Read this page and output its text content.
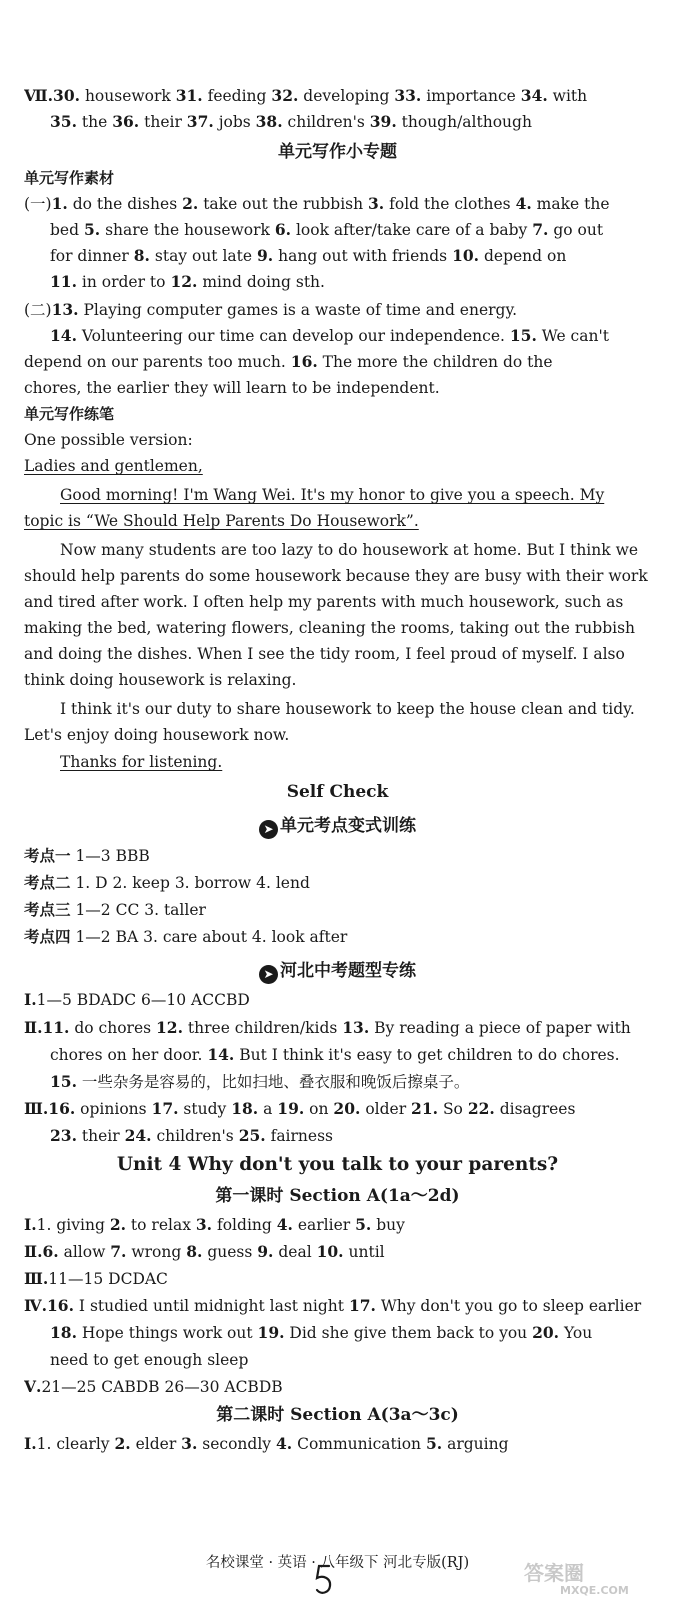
Ⅶ.30. housework 31. feeding 32. developing 33. importance 34. with
35. the 36. their 37. jobs 38. children's 39. though/although
单元写作小专题
单元写作素材
(一)1. do the dishes 2. take out the rubbish 3. fold the clothes 4. make the
bed 5. share the housework 6. look after/take care of a baby 7. go out
for dinner 8. stay out late 9. hang out with friends 10. depend on
11. in order to 12. mind doing sth.
(二)13. Playing computer games is a waste of time and energy.
14. Volunteering our time can develop our independence. 15. We can't
depend on our parents too much. 16. The more the children do the
chores, the earlier they will learn to be independent.
单元写作练笔
One possible version:
Ladies and gentlemen,
Good morning! I'm Wang Wei. It's my honor to give you a speech. My
topic is “We Should Help Parents Do Housework”.
Now many students are too lazy to do housework at home. But I think we
should help parents do some housework because they are busy with their work
and tired after work. I often help my parents with much housework, such as
making the bed, watering flowers, cleaning the rooms, taking out the rubbish
and doing the dishes. When I see the tidy room, I feel proud of myself. I also
think doing housework is relaxing.
I think it's our duty to share housework to keep the house clean and tidy.
Let's enjoy doing housework now.
Thanks for listening.
Self Check
➤ 单元考点变式训练
考点一 1—3 BBB
考点二 1. D 2. keep 3. borrow 4. lend
考点三 1—2 CC 3. taller
考点四 1—2 BA 3. care about 4. look after
➤ 河北中考题型专练
Ⅰ.1—5 BDADC 6—10 ACCBD
Ⅱ.11. do chores 12. three children/kids 13. By reading a piece of paper with
chores on her door. 14. But I think it's easy to get children to do chores.
15. 一些杂务是容易的，比如扫地、叠衣服和晚饭后擦桌子。
Ⅲ.16. opinions 17. study 18. a 19. on 20. older 21. So 22. disagrees
23. their 24. children's 25. fairness
Unit 4 Why don't you talk to your parents?
第一课时 Section A(1a～2d)
Ⅰ.1. giving 2. to relax 3. folding 4. earlier 5. buy
Ⅱ.6. allow 7. wrong 8. guess 9. deal 10. until
Ⅲ.11—15 DCDAC
Ⅳ.16. I studied until midnight last night 17. Why don't you go to sleep earlier
18. Hope things work out 19. Did she give them back to you 20. You
need to get enough sleep
Ⅴ.21—25 CABDB 26—30 ACBDB
第二课时 Section A(3a～3c)
Ⅰ.1. clearly 2. elder 3. secondly 4. Communication 5. arguing
名校课堂 · 英语 · 八年级下 河北专版(RJ)	答案圈
MXQE.COM
